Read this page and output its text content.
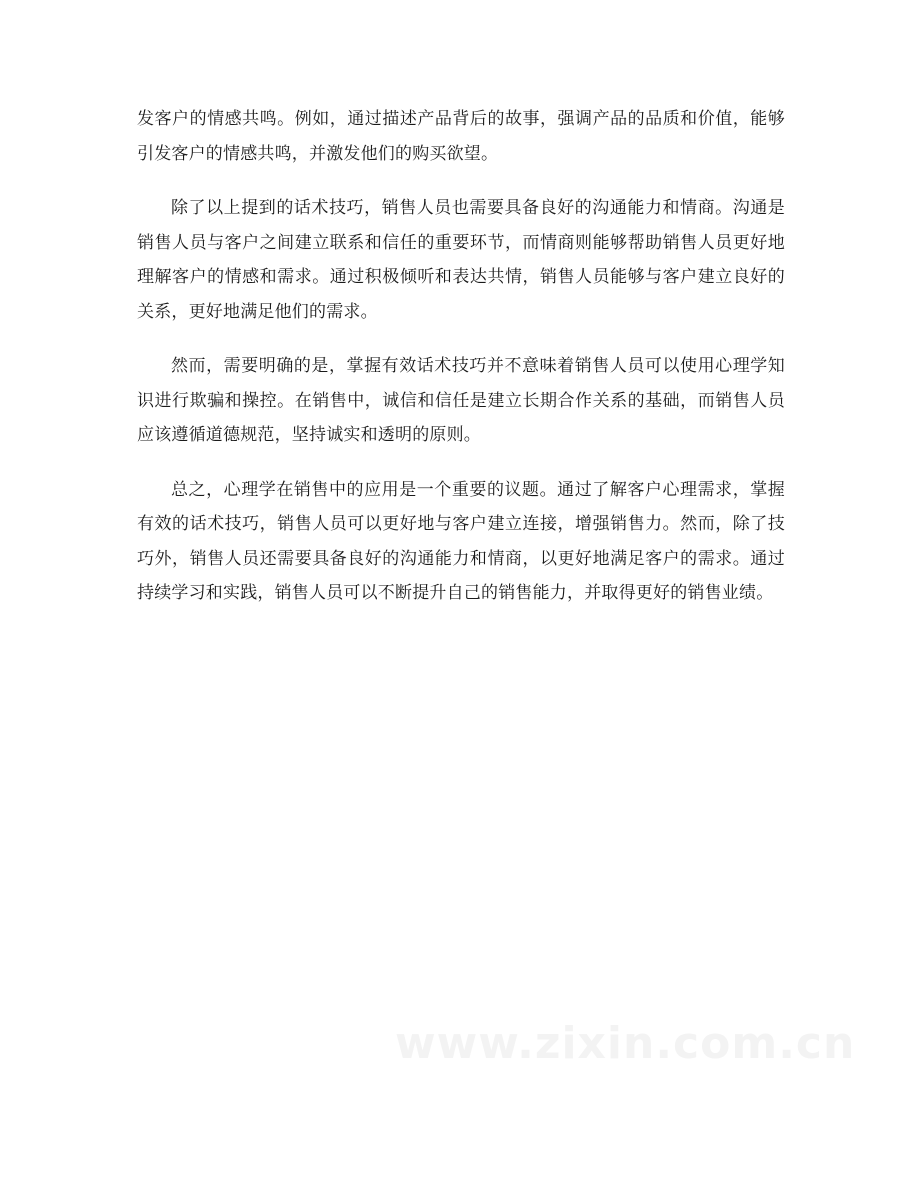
发客户的情感共鸣。例如，通过描述产品背后的故事，强调产品的品质和价值，能够引发客户的情感共鸣，并激发他们的购买欲望。

除了以上提到的话术技巧，销售人员也需要具备良好的沟通能力和情商。沟通是销售人员与客户之间建立联系和信任的重要环节，而情商则能够帮助销售人员更好地理解客户的情感和需求。通过积极倾听和表达共情，销售人员能够与客户建立良好的关系，更好地满足他们的需求。

然而，需要明确的是，掌握有效话术技巧并不意味着销售人员可以使用心理学知识进行欺骗和操控。在销售中，诚信和信任是建立长期合作关系的基础，而销售人员应该遵循道德规范，坚持诚实和透明的原则。

总之，心理学在销售中的应用是一个重要的议题。通过了解客户心理需求，掌握有效的话术技巧，销售人员可以更好地与客户建立连接，增强销售力。然而，除了技巧外，销售人员还需要具备良好的沟通能力和情商，以更好地满足客户的需求。通过持续学习和实践，销售人员可以不断提升自己的销售能力，并取得更好的销售业绩。

www.zixin.com.cn
